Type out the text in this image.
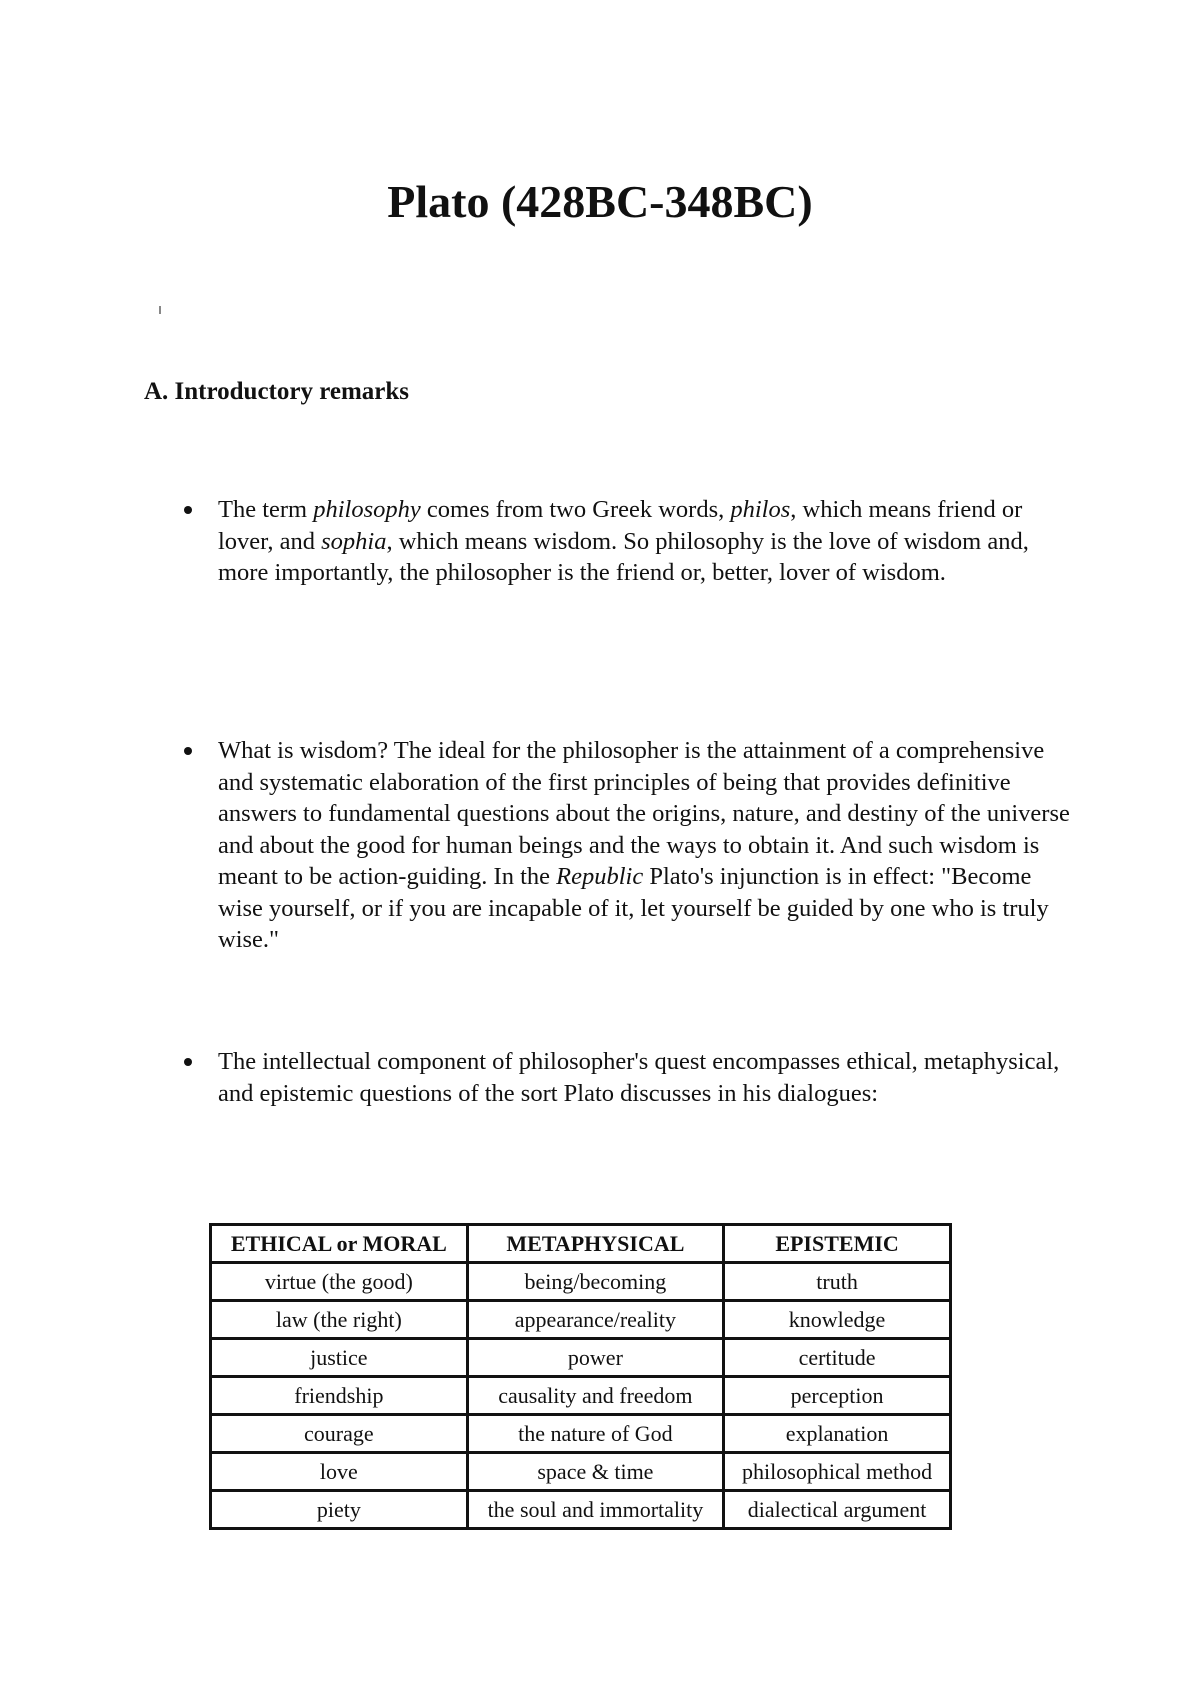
Plato (428BC-348BC)
A. Introductory remarks
The term philosophy comes from two Greek words, philos, which means friend or lover, and sophia, which means wisdom. So philosophy is the love of wisdom and, more importantly, the philosopher is the friend or, better, lover of wisdom.
What is wisdom? The ideal for the philosopher is the attainment of a comprehensive and systematic elaboration of the first principles of being that provides definitive answers to fundamental questions about the origins, nature, and destiny of the universe and about the good for human beings and the ways to obtain it. And such wisdom is meant to be action-guiding. In the Republic Plato's injunction is in effect: "Become wise yourself, or if you are incapable of it, let yourself be guided by one who is truly wise."
The intellectual component of philosopher's quest encompasses ethical, metaphysical, and epistemic questions of the sort Plato discusses in his dialogues:
ETHICAL or MORAL	METAPHYSICAL	EPISTEMIC
virtue (the good)	being/becoming	truth
law (the right)	appearance/reality	knowledge
justice	power	certitude
friendship	causality and freedom	perception
courage	the nature of God	explanation
love	space & time	philosophical method
piety	the soul and immortality	dialectical argument
